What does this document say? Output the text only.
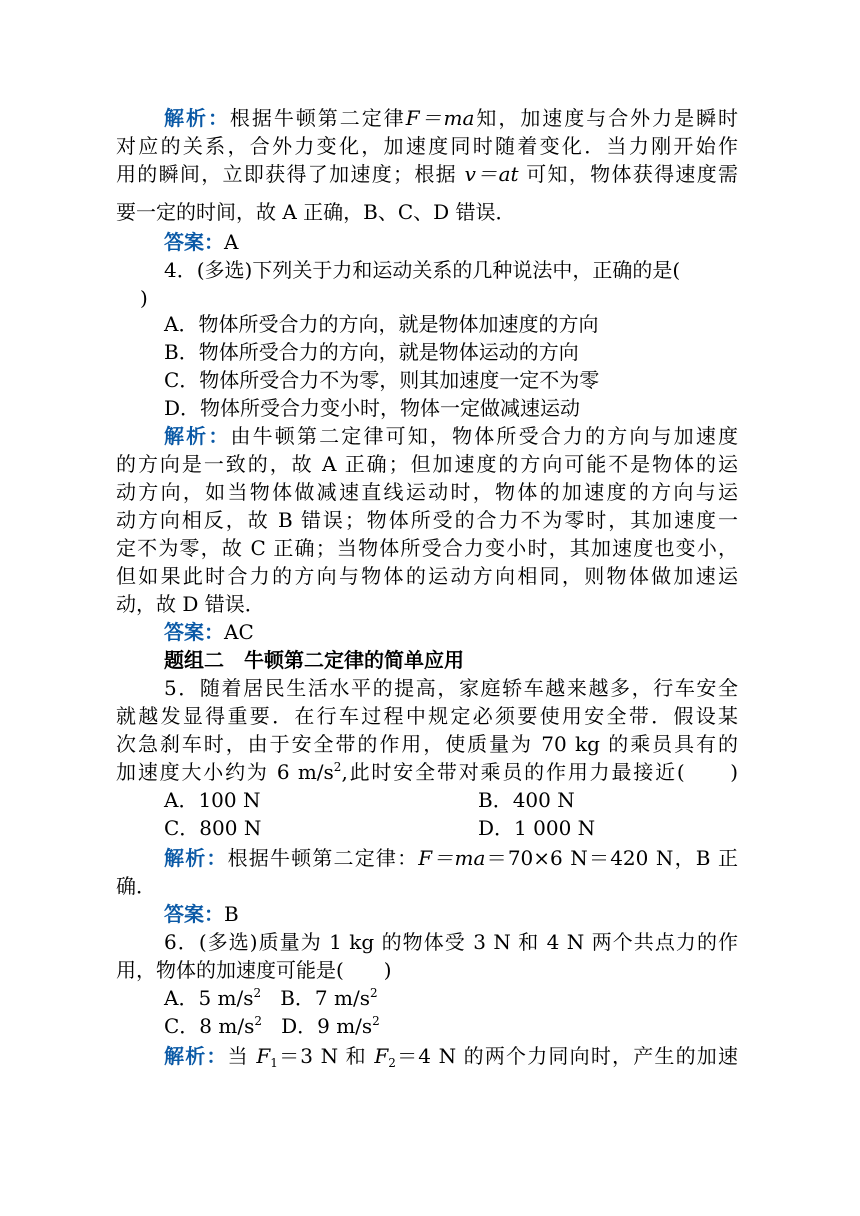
解析：根据牛顿第二定律F＝ma知，加速度与合外力是瞬时
对应的关系，合外力变化，加速度同时随着变化．当力刚开始作
用的瞬间，立即获得了加速度；根据 v＝at 可知，物体获得速度需
要一定的时间，故 A 正确，B、C、D 错误．
答案：A
4．(多选)下列关于力和运动关系的几种说法中，正确的是(
)
A．物体所受合力的方向，就是物体加速度的方向
B．物体所受合力的方向，就是物体运动的方向
C．物体所受合力不为零，则其加速度一定不为零
D．物体所受合力变小时，物体一定做减速运动
解析：由牛顿第二定律可知，物体所受合力的方向与加速度
的方向是一致的，故 A 正确；但加速度的方向可能不是物体的运
动方向，如当物体做减速直线运动时，物体的加速度的方向与运
动方向相反，故 B 错误；物体所受的合力不为零时，其加速度一
定不为零，故 C 正确；当物体所受合力变小时，其加速度也变小，
但如果此时合力的方向与物体的运动方向相同，则物体做加速运
动，故 D 错误．
答案：AC
题组二　牛顿第二定律的简单应用
5．随着居民生活水平的提高，家庭轿车越来越多，行车安全
就越发显得重要．在行车过程中规定必须要使用安全带．假设某
次急刹车时，由于安全带的作用，使质量为 70 kg 的乘员具有的
加速度大小约为 6 $m/s^2$,此时安全带对乘员的作用力最接近(　　)
A．100 N	B．400 N
C．800 N	D．1 000 N
解析：根据牛顿第二定律：F＝ma＝70×6 N＝420 N，B 正
确．
答案：B
6．(多选)质量为 1 kg 的物体受 3 N 和 4 N 两个共点力的作
用，物体的加速度可能是(　　)
A．5 $m/s^2$ B．7 $m/s^2$
C．8 $m/s^2$ D．9 $m/s^2$
解析：当 $F_1=3$ N 和 $F_2=4$ N 的两个力同向时，产生的加速
